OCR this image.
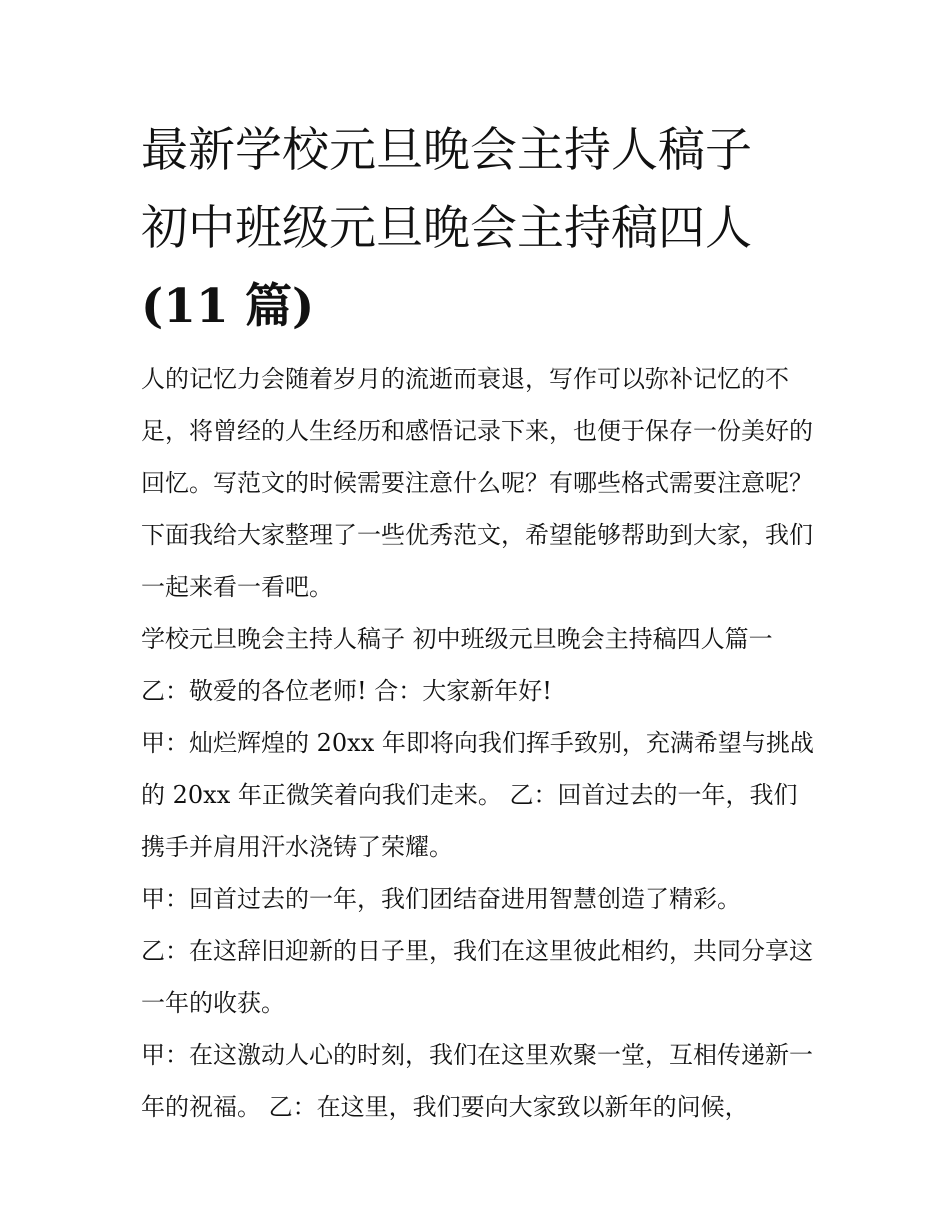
最新学校元旦晚会主持人稿子
初中班级元旦晚会主持稿四人
(11 篇)

人的记忆力会随着岁月的流逝而衰退，写作可以弥补记忆的不足，将曾经的人生经历和感悟记录下来，也便于保存一份美好的回忆。写范文的时候需要注意什么呢？有哪些格式需要注意呢？下面我给大家整理了一些优秀范文，希望能够帮助到大家，我们一起来看一看吧。

学校元旦晚会主持人稿子 初中班级元旦晚会主持稿四人篇一

乙：敬爱的各位老师! 合：大家新年好!

甲：灿烂辉煌的 20xx 年即将向我们挥手致别，充满希望与挑战的 20xx 年正微笑着向我们走来。 乙：回首过去的一年，我们携手并肩用汗水浇铸了荣耀。

甲：回首过去的一年，我们团结奋进用智慧创造了精彩。

乙：在这辞旧迎新的日子里，我们在这里彼此相约，共同分享这一年的收获。

甲：在这激动人心的时刻，我们在这里欢聚一堂，互相传递新一年的祝福。 乙：在这里，我们要向大家致以新年的问候，
